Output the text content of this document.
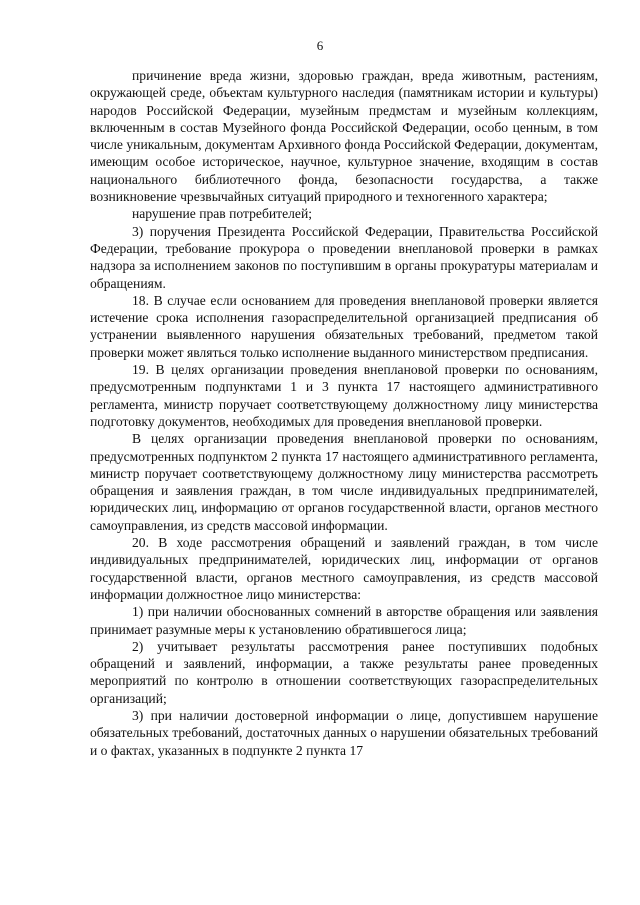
6

причинение вреда жизни, здоровью граждан, вреда животным, растениям, окружающей среде, объектам культурного наследия (памятникам истории и культуры) народов Российской Федерации, музейным предмстам и музейным коллекциям, включенным в состав Музейного фонда Российской Федерации, особо ценным, в том числе уникальным, документам Архивного фонда Российской Федерации, документам, имеющим особое историческое, научное, культурное значение, входящим в состав национального библиотечного фонда, безопасности государства, а также возникновение чрезвычайных ситуаций природного и техногенного характера;

нарушение прав потребителей;

3) поручения Президента Российской Федерации, Правительства Российской Федерации, требование прокурора о проведении внеплановой проверки в рамках надзора за исполнением законов по поступившим в органы прокуратуры материалам и обращениям.

18. В случае если основанием для проведения внеплановой проверки является истечение срока исполнения газораспределительной организацией предписания об устранении выявленного нарушения обязательных требований, предметом такой проверки может являться только исполнение выданного министерством предписания.

19. В целях организации проведения внеплановой проверки по основаниям, предусмотренным подпунктами 1 и 3 пункта 17 настоящего административного регламента, министр поручает соответствующему должностному лицу министерства подготовку документов, необходимых для проведения внеплановой проверки.

В целях организации проведения внеплановой проверки по основаниям, предусмотренных подпунктом 2 пункта 17 настоящего административного регламента, министр поручает соответствующему должностному лицу министерства рассмотреть обращения и заявления граждан, в том числе индивидуальных предпринимателей, юридических лиц, информацию от органов государственной власти, органов местного самоуправления, из средств массовой информации.

20. В ходе рассмотрения обращений и заявлений граждан, в том числе индивидуальных предпринимателей, юридических лиц, информации от органов государственной власти, органов местного самоуправления, из средств массовой информации должностное лицо министерства:

1) при наличии обоснованных сомнений в авторстве обращения или заявления принимает разумные меры к установлению обратившегося лица;

2) учитывает результаты рассмотрения ранее поступивших подобных обращений и заявлений, информации, а также результаты ранее проведенных мероприятий по контролю в отношении соответствующих газораспределительных организаций;

3) при наличии достоверной информации о лице, допустившем нарушение обязательных требований, достаточных данных о нарушении обязательных требований и о фактах, указанных в подпункте 2 пункта 17
